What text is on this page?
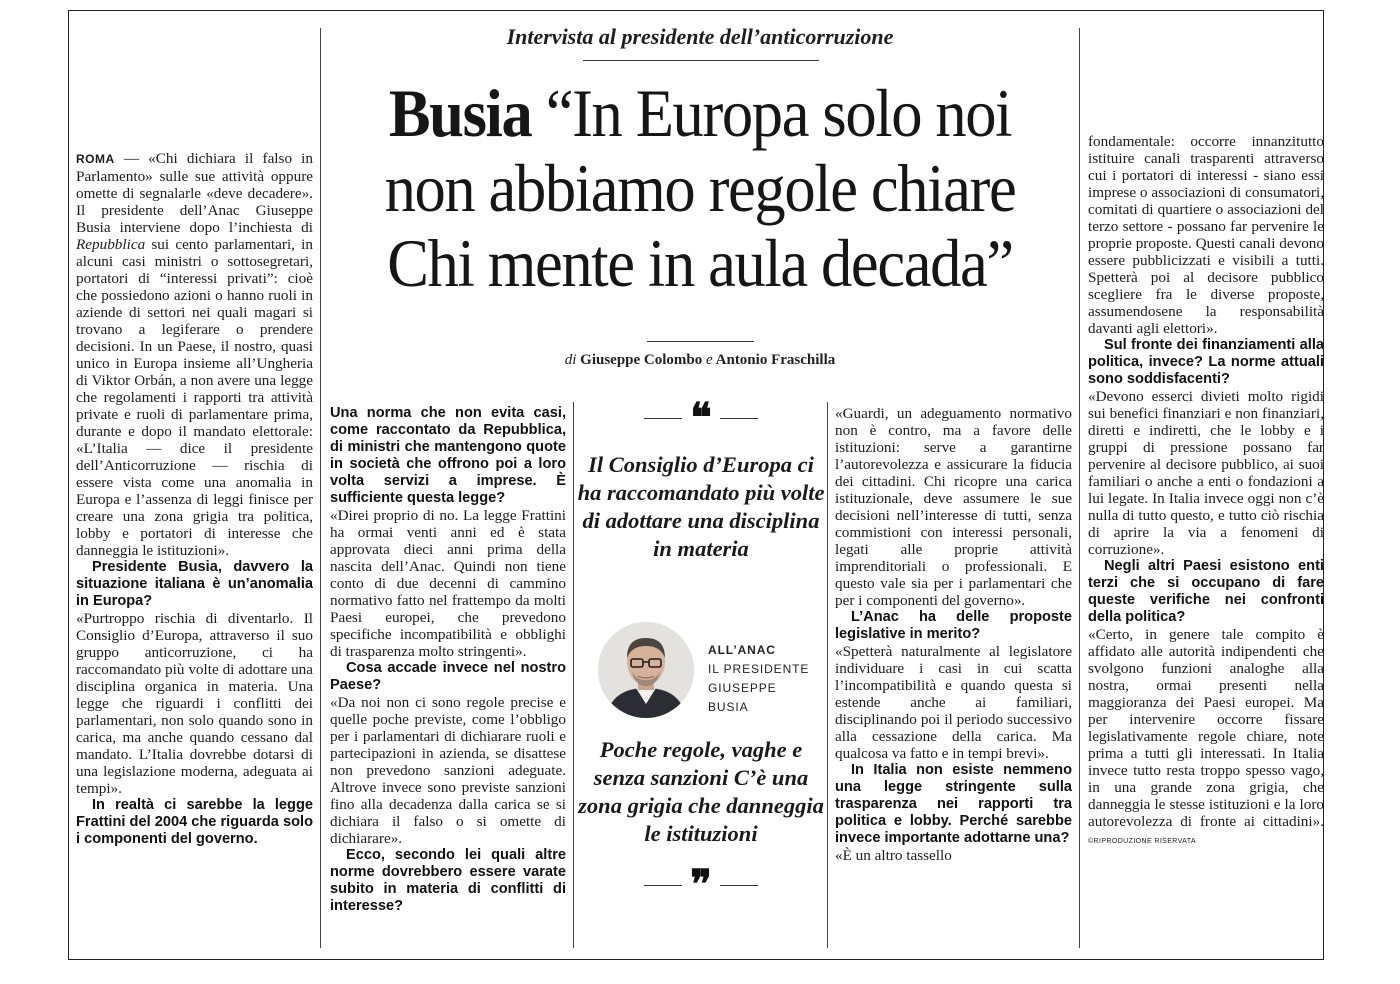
Intervista al presidente dell’anticorruzione
Busia “In Europa solo noi
non abbiamo regole chiare
Chi mente in aula decada”
di Giuseppe Colombo e Antonio Fraschilla

ROMA — «Chi dichiara il falso in Parlamento» sulle sue attività oppure omette di segnalarle «deve decadere». Il presidente dell’Anac Giuseppe Busia interviene dopo l’inchiesta di Repubblica sui cento parlamentari, in alcuni casi ministri o sottosegretari, portatori di “interessi privati”: cioè che possiedono azioni o hanno ruoli in aziende di settori nei quali magari si trovano a legiferare o prendere decisioni. In un Paese, il nostro, quasi unico in Europa insieme all’Ungheria di Viktor Orbán, a non avere una legge che regolamenti i rapporti tra attività private e ruoli di parlamentare prima, durante e dopo il mandato elettorale: «L’Italia — dice il presidente dell’Anticorruzione — rischia di essere vista come una anomalia in Europa e l’assenza di leggi finisce per creare una zona grigia tra politica, lobby e portatori di interesse che danneggia le istituzioni».

Presidente Busia, davvero la situazione italiana è un’anomalia in Europa?

«Purtroppo rischia di diventarlo. Il Consiglio d’Europa, attraverso il suo gruppo anticorruzione, ci ha raccomandato più volte di adottare una disciplina organica in materia. Una legge che riguardi i conflitti dei parlamentari, non solo quando sono in carica, ma anche quando cessano dal mandato. L’Italia dovrebbe dotarsi di una legislazione moderna, adeguata ai tempi».

In realtà ci sarebbe la legge Frattini del 2004 che riguarda solo i componenti del governo.

Una norma che non evita casi, come raccontato da Repubblica, di ministri che mantengono quote in società che offrono poi a loro volta servizi a imprese. È sufficiente questa legge?

«Direi proprio di no. La legge Frattini ha ormai venti anni ed è stata approvata dieci anni prima della nascita dell’Anac. Quindi non tiene conto di due decenni di cammino normativo fatto nel frattempo da molti Paesi europei, che prevedono specifiche incompatibilità e obblighi di trasparenza molto stringenti».

Cosa accade invece nel nostro Paese?

«Da noi non ci sono regole precise e quelle poche previste, come l’obbligo per i parlamentari di dichiarare ruoli e partecipazioni in azienda, se disattese non prevedono sanzioni adeguate. Altrove invece sono previste sanzioni fino alla decadenza dalla carica se si dichiara il falso o si omette di dichiarare».

Ecco, secondo lei quali altre norme dovrebbero essere varate subito in materia di conflitti di interesse?

❝
Il Consiglio d’Europa ci ha raccomandato più volte di adottare una disciplina in materia
ALL’ANAC
IL PRESIDENTE
GIUSEPPE
BUSIA
Poche regole, vaghe e senza sanzioni C’è una zona grigia che danneggia le istituzioni
❞

«Guardi, un adeguamento normativo non è contro, ma a favore delle istituzioni: serve a garantirne l’autorevolezza e assicurare la fiducia dei cittadini. Chi ricopre una carica istituzionale, deve assumere le sue decisioni nell’interesse di tutti, senza commistioni con interessi personali, legati alle proprie attività imprenditoriali o professionali. E questo vale sia per i parlamentari che per i componenti del governo».

L’Anac ha delle proposte legislative in merito?

«Spetterà naturalmente al legislatore individuare i casi in cui scatta l’incompatibilità e quando questa si estende anche ai familiari, disciplinando poi il periodo successivo alla cessazione della carica. Ma qualcosa va fatto e in tempi brevi».

In Italia non esiste nemmeno una legge stringente sulla trasparenza nei rapporti tra politica e lobby. Perché sarebbe invece importante adottarne una?

«È un altro tassello

fondamentale: occorre innanzitutto istituire canali trasparenti attraverso cui i portatori di interessi - siano essi imprese o associazioni di consumatori, comitati di quartiere o associazioni del terzo settore - possano far pervenire le proprie proposte. Questi canali devono essere pubblicizzati e visibili a tutti. Spetterà poi al decisore pubblico scegliere fra le diverse proposte, assumendosene la responsabilità davanti agli elettori».

Sul fronte dei finanziamenti alla politica, invece? La norme attuali sono soddisfacenti?

«Devono esserci divieti molto rigidi sui benefici finanziari e non finanziari, diretti e indiretti, che le lobby e i gruppi di pressione possano far pervenire al decisore pubblico, ai suoi familiari o anche a enti o fondazioni a lui legate. In Italia invece oggi non c’è nulla di tutto questo, e tutto ciò rischia di aprire la via a fenomeni di corruzione».

Negli altri Paesi esistono enti terzi che si occupano di fare queste verifiche nei confronti della politica?

«Certo, in genere tale compito è affidato alle autorità indipendenti che svolgono funzioni analoghe alla nostra, ormai presenti nella maggioranza dei Paesi europei. Ma per intervenire occorre fissare legislativamente regole chiare, note prima a tutti gli interessati. In Italia invece tutto resta troppo spesso vago, in una grande zona grigia, che danneggia le stesse istituzioni e la loro autorevolezza di fronte ai cittadini». ©RIPRODUZIONE RISERVATA
